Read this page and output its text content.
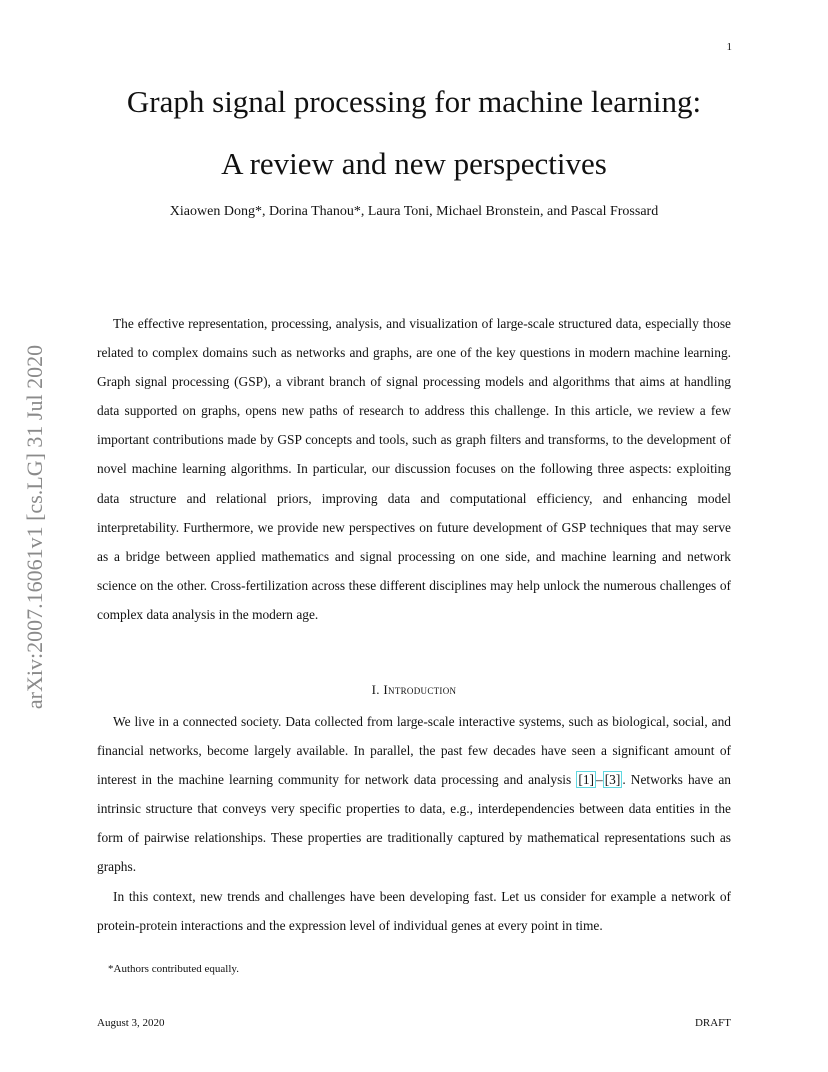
1
arXiv:2007.16061v1 [cs.LG] 31 Jul 2020
Graph signal processing for machine learning:
A review and new perspectives
Xiaowen Dong*, Dorina Thanou*, Laura Toni, Michael Bronstein, and Pascal Frossard

The effective representation, processing, analysis, and visualization of large-scale structured data, especially those related to complex domains such as networks and graphs, are one of the key questions in modern machine learning. Graph signal processing (GSP), a vibrant branch of signal processing models and algorithms that aims at handling data supported on graphs, opens new paths of research to address this challenge. In this article, we review a few important contributions made by GSP concepts and tools, such as graph filters and transforms, to the development of novel machine learning algorithms. In particular, our discussion focuses on the following three aspects: exploiting data structure and relational priors, improving data and computational efficiency, and enhancing model interpretability. Furthermore, we provide new perspectives on future development of GSP techniques that may serve as a bridge between applied mathematics and signal processing on one side, and machine learning and network science on the other. Cross-fertilization across these different disciplines may help unlock the numerous challenges of complex data analysis in the modern age.

I. Introduction

We live in a connected society. Data collected from large-scale interactive systems, such as biological, social, and financial networks, become largely available. In parallel, the past few decades have seen a significant amount of interest in the machine learning community for network data processing and analysis [1] – [3] . Networks have an intrinsic structure that conveys very specific properties to data, e.g., interdependencies between data entities in the form of pairwise relationships. These properties are traditionally captured by mathematical representations such as graphs.

In this context, new trends and challenges have been developing fast. Let us consider for example a network of protein-protein interactions and the expression level of individual genes at every point in time.

*Authors contributed equally.
August 3, 2020	DRAFT
